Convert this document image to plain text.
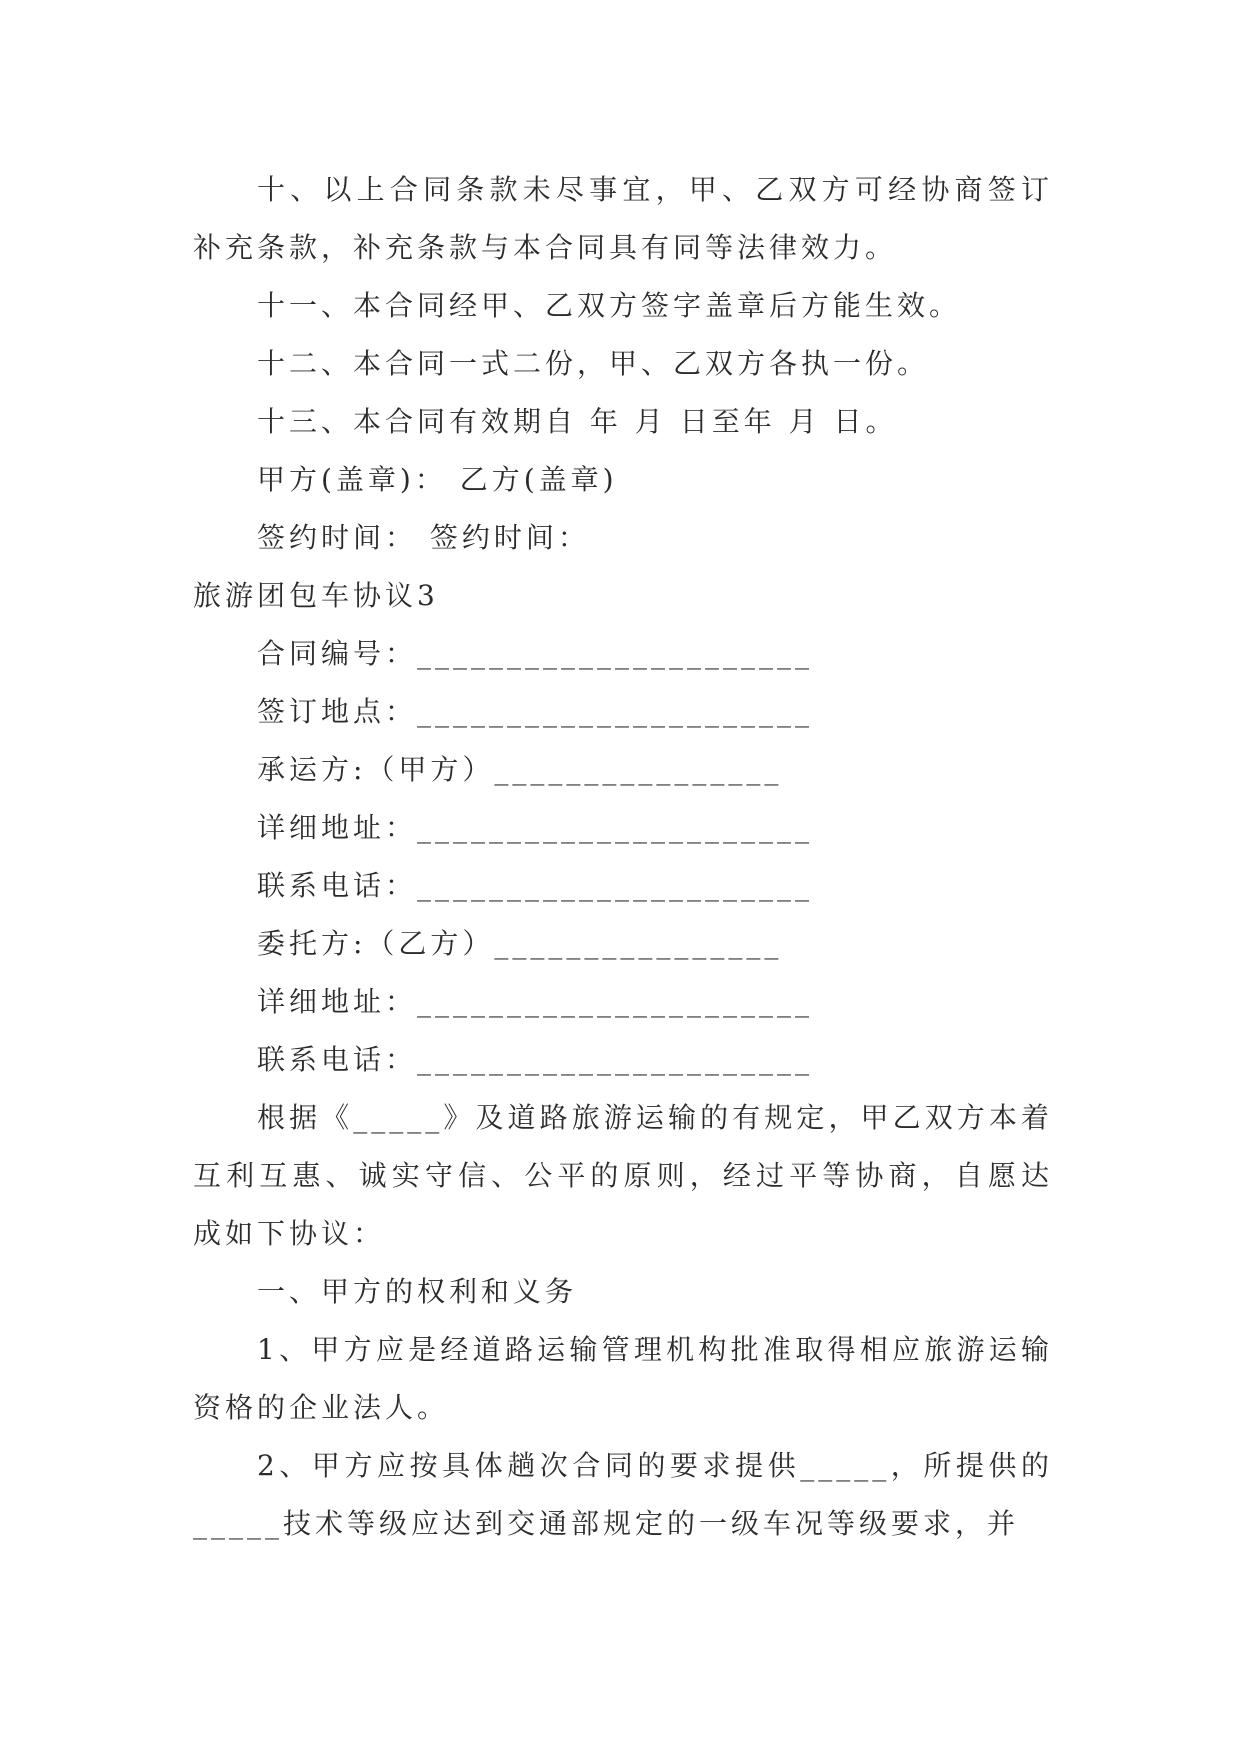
十、以上合同条款未尽事宜，甲、乙双方可经协商签订补充条款，补充条款与本合同具有同等法律效力。

十一、本合同经甲、乙双方签字盖章后方能生效。

十二、本合同一式二份，甲、乙双方各执一份。

十三、本合同有效期自 年 月 日至年 月 日。

甲方(盖章)： 乙方(盖章)

签约时间： 签约时间：

旅游团包车协议3

合同编号：______________________

签订地点：______________________

承运方:（甲方）________________

详细地址：______________________

联系电话：______________________

委托方:（乙方）________________

详细地址：______________________

联系电话：______________________

根据《_____》及道路旅游运输的有规定，甲乙双方本着互利互惠、诚实守信、公平的原则，经过平等协商，自愿达成如下协议：

一、甲方的权利和义务

1、甲方应是经道路运输管理机构批准取得相应旅游运输资格的企业法人。

2、甲方应按具体趟次合同的要求提供_____，所提供的_____技术等级应达到交通部规定的一级车况等级要求，并
